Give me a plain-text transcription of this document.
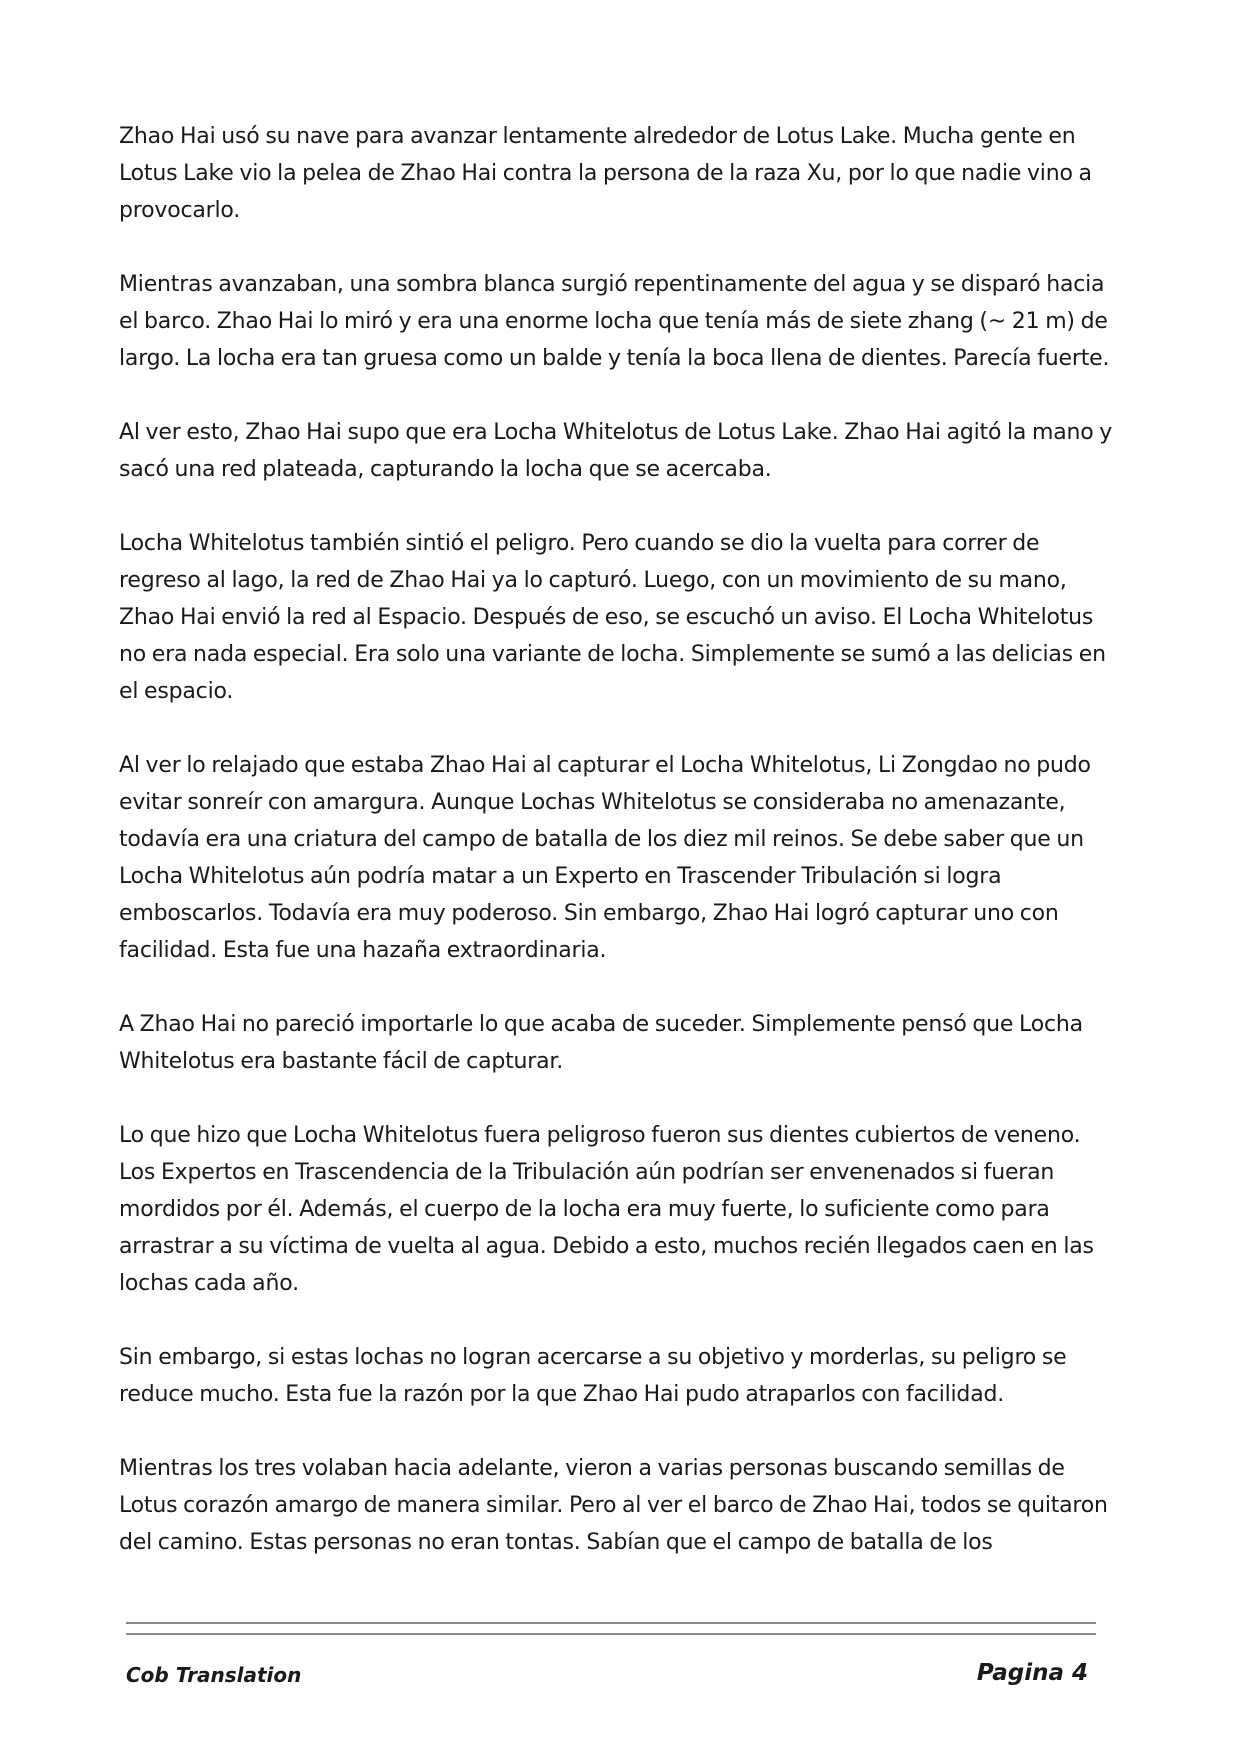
Zhao Hai usó su nave para avanzar lentamente alrededor de Lotus Lake. Mucha gente en Lotus Lake vio la pelea de Zhao Hai contra la persona de la raza Xu, por lo que nadie vino a provocarlo.

Mientras avanzaban, una sombra blanca surgió repentinamente del agua y se disparó hacia el barco. Zhao Hai lo miró y era una enorme locha que tenía más de siete zhang (~ 21 m) de largo. La locha era tan gruesa como un balde y tenía la boca llena de dientes. Parecía fuerte.

Al ver esto, Zhao Hai supo que era Locha Whitelotus de Lotus Lake. Zhao Hai agitó la mano y sacó una red plateada, capturando la locha que se acercaba.

Locha Whitelotus también sintió el peligro. Pero cuando se dio la vuelta para correr de regreso al lago, la red de Zhao Hai ya lo capturó. Luego, con un movimiento de su mano, Zhao Hai envió la red al Espacio. Después de eso, se escuchó un aviso. El Locha Whitelotus no era nada especial. Era solo una variante de locha. Simplemente se sumó a las delicias en el espacio.

Al ver lo relajado que estaba Zhao Hai al capturar el Locha Whitelotus, Li Zongdao no pudo evitar sonreír con amargura. Aunque Lochas Whitelotus se consideraba no amenazante, todavía era una criatura del campo de batalla de los diez mil reinos. Se debe saber que un Locha Whitelotus aún podría matar a un Experto en Trascender Tribulación si logra emboscarlos. Todavía era muy poderoso. Sin embargo, Zhao Hai logró capturar uno con facilidad. Esta fue una hazaña extraordinaria.

A Zhao Hai no pareció importarle lo que acaba de suceder. Simplemente pensó que Locha Whitelotus era bastante fácil de capturar.

Lo que hizo que Locha Whitelotus fuera peligroso fueron sus dientes cubiertos de veneno. Los Expertos en Trascendencia de la Tribulación aún podrían ser envenenados si fueran mordidos por él. Además, el cuerpo de la locha era muy fuerte, lo suficiente como para arrastrar a su víctima de vuelta al agua. Debido a esto, muchos recién llegados caen en las lochas cada año.

Sin embargo, si estas lochas no logran acercarse a su objetivo y morderlas, su peligro se reduce mucho. Esta fue la razón por la que Zhao Hai pudo atraparlos con facilidad.

Mientras los tres volaban hacia adelante, vieron a varias personas buscando semillas de Lotus corazón amargo de manera similar. Pero al ver el barco de Zhao Hai, todos se quitaron del camino. Estas personas no eran tontas. Sabían que el campo de batalla de los

Cob Translation	Pagina 4
